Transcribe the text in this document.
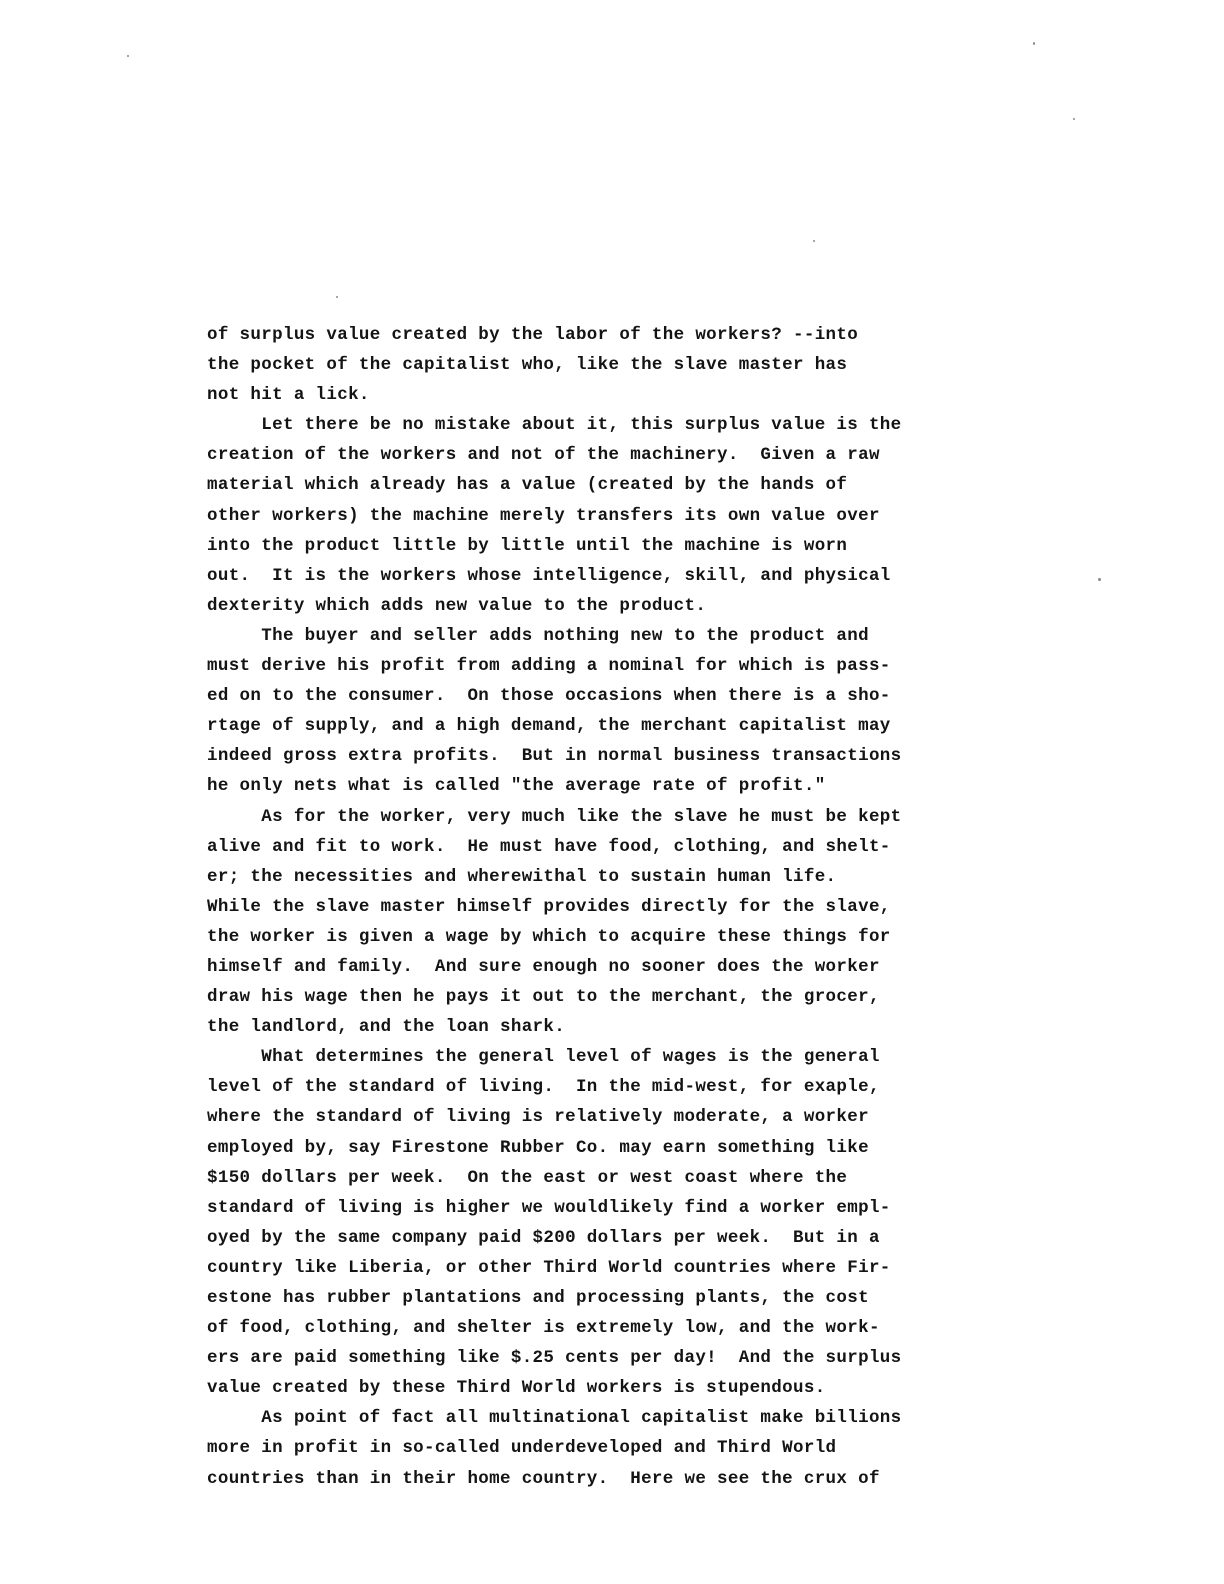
of surplus value created by the labor of the workers? --into
the pocket of the capitalist who, like the slave master has
not hit a lick.
Let there be no mistake about it, this surplus value is the
creation of the workers and not of the machinery.  Given a raw
material which already has a value (created by the hands of
other workers) the machine merely transfers its own value over
into the product little by little until the machine is worn
out.  It is the workers whose intelligence, skill, and physical
dexterity which adds new value to the product.
The buyer and seller adds nothing new to the product and
must derive his profit from adding a nominal for which is pass-
ed on to the consumer.  On those occasions when there is a sho-
rtage of supply, and a high demand, the merchant capitalist may
indeed gross extra profits.  But in normal business transactions
he only nets what is called "the average rate of profit."
As for the worker, very much like the slave he must be kept
alive and fit to work.  He must have food, clothing, and shelt-
er; the necessities and wherewithal to sustain human life.
While the slave master himself provides directly for the slave,
the worker is given a wage by which to acquire these things for
himself and family.  And sure enough no sooner does the worker
draw his wage then he pays it out to the merchant, the grocer,
the landlord, and the loan shark.
What determines the general level of wages is the general
level of the standard of living.  In the mid-west, for exaple,
where the standard of living is relatively moderate, a worker
employed by, say Firestone Rubber Co. may earn something like
$150 dollars per week.  On the east or west coast where the
standard of living is higher we wouldlikely find a worker empl-
oyed by the same company paid $200 dollars per week.  But in a
country like Liberia, or other Third World countries where Fir-
estone has rubber plantations and processing plants, the cost
of food, clothing, and shelter is extremely low, and the work-
ers are paid something like $.25 cents per day!  And the surplus
value created by these Third World workers is stupendous.
As point of fact all multinational capitalist make billions
more in profit in so-called underdeveloped and Third World
countries than in their home country.  Here we see the crux of
